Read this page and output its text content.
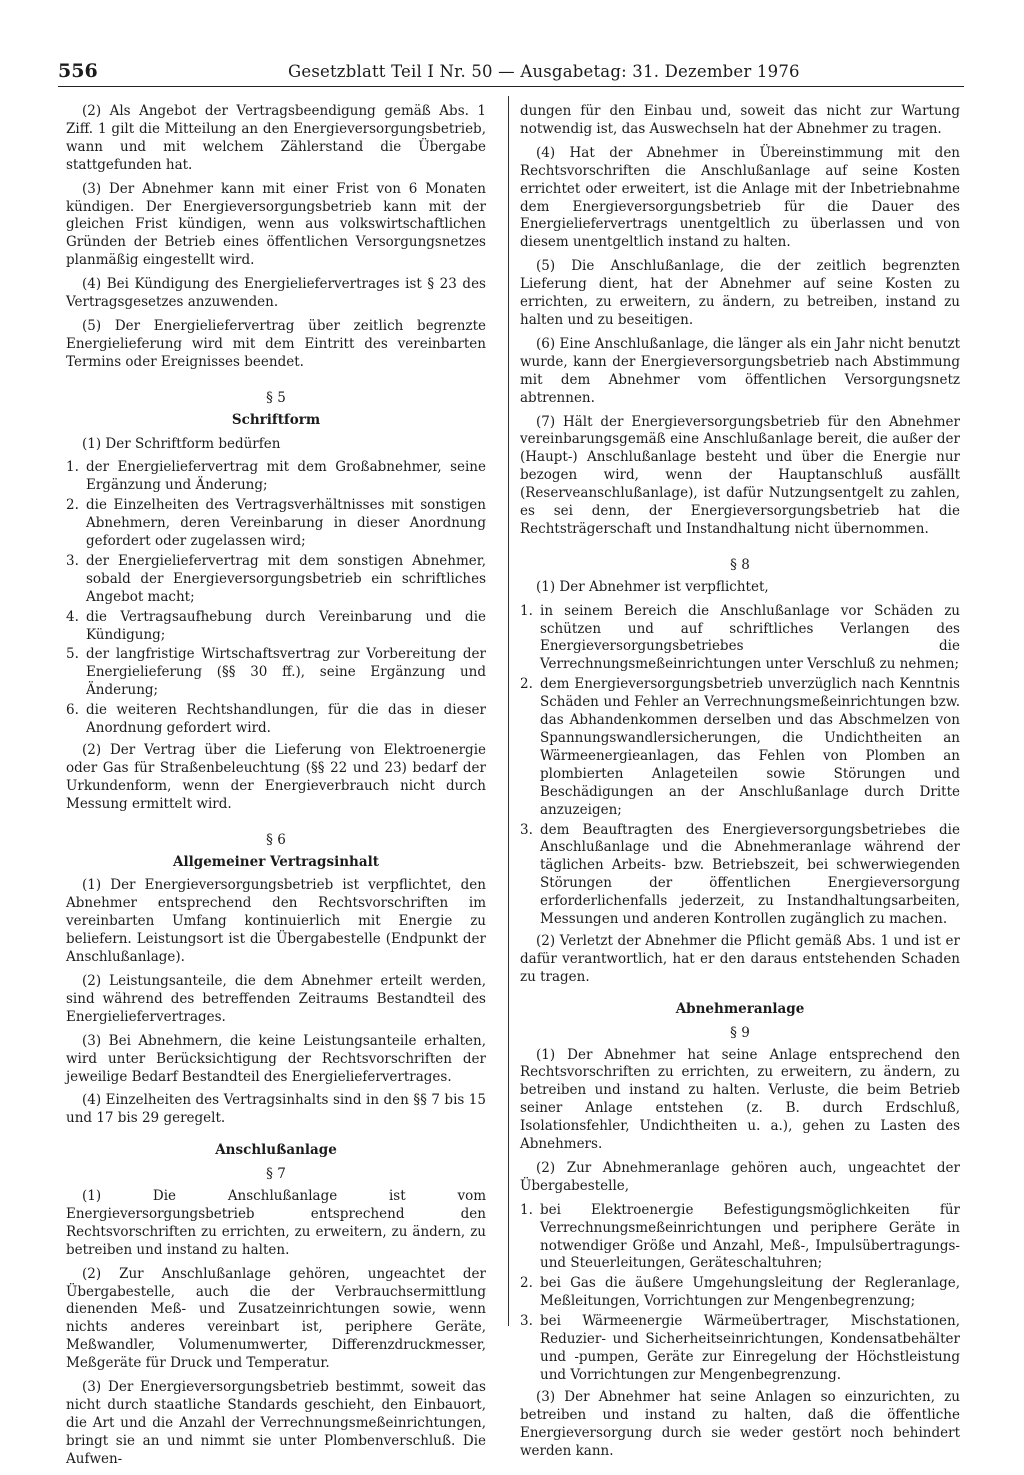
556	Gesetzblatt Teil I Nr. 50 — Ausgabetag: 31. Dezember 1976

(2) Als Angebot der Vertragsbeendigung gemäß Abs. 1 Ziff. 1 gilt die Mitteilung an den Energieversorgungsbetrieb, wann und mit welchem Zählerstand die Übergabe stattgefunden hat.

(3) Der Abnehmer kann mit einer Frist von 6 Monaten kündigen. Der Energieversorgungsbetrieb kann mit der gleichen Frist kündigen, wenn aus volkswirtschaftlichen Gründen der Betrieb eines öffentlichen Versorgungsnetzes planmäßig eingestellt wird.

(4) Bei Kündigung des Energieliefervertrages ist § 23 des Vertragsgesetzes anzuwenden.

(5) Der Energieliefervertrag über zeitlich begrenzte Energielieferung wird mit dem Eintritt des vereinbarten Termins oder Ereignisses beendet.

§ 5
Schriftform

(1) Der Schriftform bedürfen

1. der Energieliefervertrag mit dem Großabnehmer, seine Ergänzung und Änderung;
2. die Einzelheiten des Vertragsverhältnisses mit sonstigen Abnehmern, deren Vereinbarung in dieser Anordnung gefordert oder zugelassen wird;
3. der Energieliefervertrag mit dem sonstigen Abnehmer, sobald der Energieversorgungsbetrieb ein schriftliches Angebot macht;
4. die Vertragsaufhebung durch Vereinbarung und die Kündigung;
5. der langfristige Wirtschaftsvertrag zur Vorbereitung der Energielieferung (§§ 30 ff.), seine Ergänzung und Änderung;
6. die weiteren Rechtshandlungen, für die das in dieser Anordnung gefordert wird.

(2) Der Vertrag über die Lieferung von Elektroenergie oder Gas für Straßenbeleuchtung (§§ 22 und 23) bedarf der Urkundenform, wenn der Energieverbrauch nicht durch Messung ermittelt wird.

§ 6
Allgemeiner Vertragsinhalt

(1) Der Energieversorgungsbetrieb ist verpflichtet, den Abnehmer entsprechend den Rechtsvorschriften im vereinbarten Umfang kontinuierlich mit Energie zu beliefern. Leistungsort ist die Übergabestelle (Endpunkt der Anschlußanlage).

(2) Leistungsanteile, die dem Abnehmer erteilt werden, sind während des betreffenden Zeitraums Bestandteil des Energieliefervertrages.

(3) Bei Abnehmern, die keine Leistungsanteile erhalten, wird unter Berücksichtigung der Rechtsvorschriften der jeweilige Bedarf Bestandteil des Energieliefervertrages.

(4) Einzelheiten des Vertragsinhalts sind in den §§ 7 bis 15 und 17 bis 29 geregelt.

Anschlußanlage
§ 7

(1) Die Anschlußanlage ist vom Energieversorgungsbetrieb entsprechend den Rechtsvorschriften zu errichten, zu erweitern, zu ändern, zu betreiben und instand zu halten.

(2) Zur Anschlußanlage gehören, ungeachtet der Übergabestelle, auch die der Verbrauchsermittlung dienenden Meß- und Zusatzeinrichtungen sowie, wenn nichts anderes vereinbart ist, periphere Geräte, Meßwandler, Volumenumwerter, Differenzdruckmesser, Meßgeräte für Druck und Temperatur.

(3) Der Energieversorgungsbetrieb bestimmt, soweit das nicht durch staatliche Standards geschieht, den Einbauort, die Art und die Anzahl der Verrechnungsmeßeinrichtungen, bringt sie an und nimmt sie unter Plombenverschluß. Die Aufwen-

dungen für den Einbau und, soweit das nicht zur Wartung notwendig ist, das Auswechseln hat der Abnehmer zu tragen.

(4) Hat der Abnehmer in Übereinstimmung mit den Rechtsvorschriften die Anschlußanlage auf seine Kosten errichtet oder erweitert, ist die Anlage mit der Inbetriebnahme dem Energieversorgungsbetrieb für die Dauer des Energieliefervertrags unentgeltlich zu überlassen und von diesem unentgeltlich instand zu halten.

(5) Die Anschlußanlage, die der zeitlich begrenzten Lieferung dient, hat der Abnehmer auf seine Kosten zu errichten, zu erweitern, zu ändern, zu betreiben, instand zu halten und zu beseitigen.

(6) Eine Anschlußanlage, die länger als ein Jahr nicht benutzt wurde, kann der Energieversorgungsbetrieb nach Abstimmung mit dem Abnehmer vom öffentlichen Versorgungsnetz abtrennen.

(7) Hält der Energieversorgungsbetrieb für den Abnehmer vereinbarungsgemäß eine Anschlußanlage bereit, die außer der (Haupt-) Anschlußanlage besteht und über die Energie nur bezogen wird, wenn der Hauptanschluß ausfällt (Reserveanschlußanlage), ist dafür Nutzungsentgelt zu zahlen, es sei denn, der Energieversorgungsbetrieb hat die Rechtsträgerschaft und Instandhaltung nicht übernommen.

§ 8

(1) Der Abnehmer ist verpflichtet,

1. in seinem Bereich die Anschlußanlage vor Schäden zu schützen und auf schriftliches Verlangen des Energieversorgungsbetriebes die Verrechnungsmeßeinrichtungen unter Verschluß zu nehmen;
2. dem Energieversorgungsbetrieb unverzüglich nach Kenntnis Schäden und Fehler an Verrechnungsmeßeinrichtungen bzw. das Abhandenkommen derselben und das Abschmelzen von Spannungswandlersicherungen, die Undichtheiten an Wärmeenergieanlagen, das Fehlen von Plomben an plombierten Anlageteilen sowie Störungen und Beschädigungen an der Anschlußanlage durch Dritte anzuzeigen;
3. dem Beauftragten des Energieversorgungsbetriebes die Anschlußanlage und die Abnehmeranlage während der täglichen Arbeits- bzw. Betriebszeit, bei schwerwiegenden Störungen der öffentlichen Energieversorgung erforderlichenfalls jederzeit, zu Instandhaltungsarbeiten, Messungen und anderen Kontrollen zugänglich zu machen.

(2) Verletzt der Abnehmer die Pflicht gemäß Abs. 1 und ist er dafür verantwortlich, hat er den daraus entstehenden Schaden zu tragen.

Abnehmeranlage
§ 9

(1) Der Abnehmer hat seine Anlage entsprechend den Rechtsvorschriften zu errichten, zu erweitern, zu ändern, zu betreiben und instand zu halten. Verluste, die beim Betrieb seiner Anlage entstehen (z. B. durch Erdschluß, Isolationsfehler, Undichtheiten u. a.), gehen zu Lasten des Abnehmers.

(2) Zur Abnehmeranlage gehören auch, ungeachtet der Übergabestelle,

1. bei Elektroenergie Befestigungsmöglichkeiten für Verrechnungsmeßeinrichtungen und periphere Geräte in notwendiger Größe und Anzahl, Meß-, Impulsübertragungs- und Steuerleitungen, Geräteschaltuhren;
2. bei Gas die äußere Umgehungsleitung der Regleranlage, Meßleitungen, Vorrichtungen zur Mengenbegrenzung;
3. bei Wärmeenergie Wärmeübertrager, Mischstationen, Reduzier- und Sicherheitseinrichtungen, Kondensatbehälter und -pumpen, Geräte zur Einregelung der Höchstleistung und Vorrichtungen zur Mengenbegrenzung.

(3) Der Abnehmer hat seine Anlagen so einzurichten, zu betreiben und instand zu halten, daß die öffentliche Energieversorgung durch sie weder gestört noch behindert werden kann.
